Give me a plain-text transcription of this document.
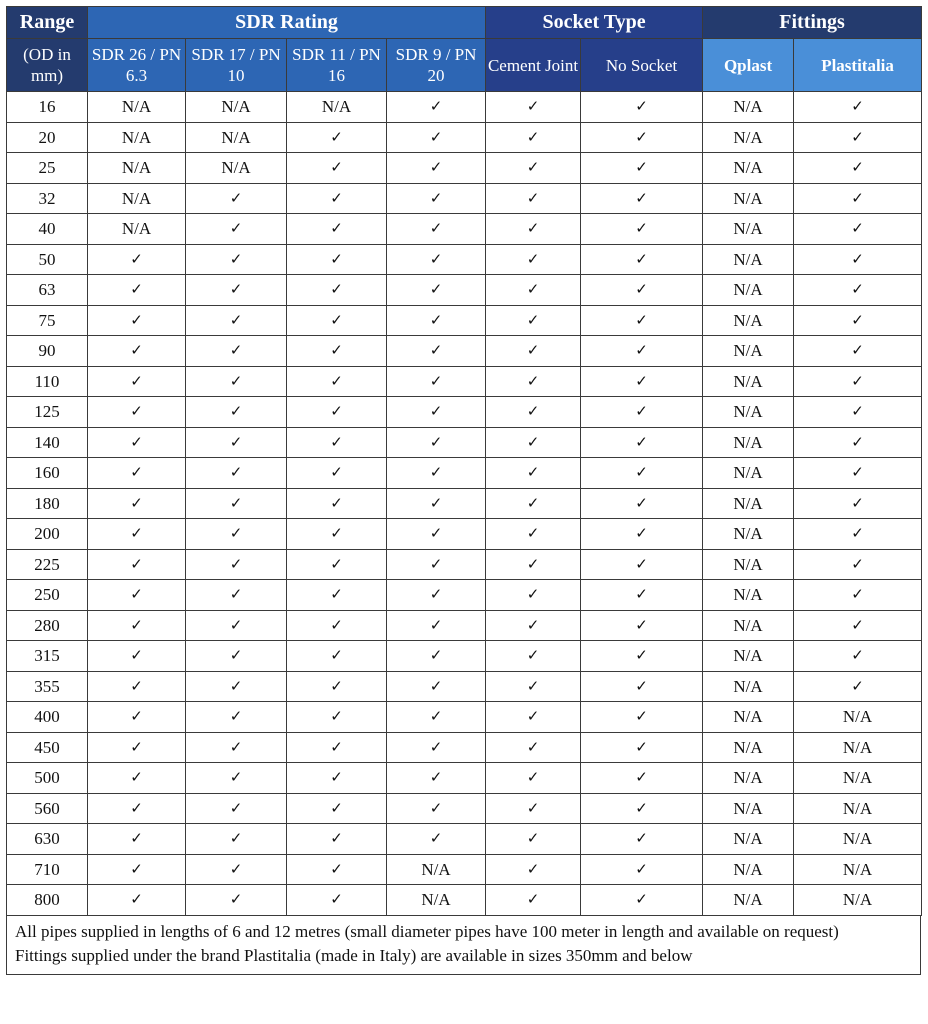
Range	SDR Rating				Socket Type		Fittings	
(OD in mm)	SDR 26 / PN 6.3	SDR 17 / PN 10	SDR 11 / PN 16	SDR 9 / PN 20	Cement Joint	No Socket	Qplast	Plastitalia
16	N/A	N/A	N/A	✓	✓	✓	N/A	✓
20	N/A	N/A	✓	✓	✓	✓	N/A	✓
25	N/A	N/A	✓	✓	✓	✓	N/A	✓
32	N/A	✓	✓	✓	✓	✓	N/A	✓
40	N/A	✓	✓	✓	✓	✓	N/A	✓
50	✓	✓	✓	✓	✓	✓	N/A	✓
63	✓	✓	✓	✓	✓	✓	N/A	✓
75	✓	✓	✓	✓	✓	✓	N/A	✓
90	✓	✓	✓	✓	✓	✓	N/A	✓
110	✓	✓	✓	✓	✓	✓	N/A	✓
125	✓	✓	✓	✓	✓	✓	N/A	✓
140	✓	✓	✓	✓	✓	✓	N/A	✓
160	✓	✓	✓	✓	✓	✓	N/A	✓
180	✓	✓	✓	✓	✓	✓	N/A	✓
200	✓	✓	✓	✓	✓	✓	N/A	✓
225	✓	✓	✓	✓	✓	✓	N/A	✓
250	✓	✓	✓	✓	✓	✓	N/A	✓
280	✓	✓	✓	✓	✓	✓	N/A	✓
315	✓	✓	✓	✓	✓	✓	N/A	✓
355	✓	✓	✓	✓	✓	✓	N/A	✓
400	✓	✓	✓	✓	✓	✓	N/A	N/A
450	✓	✓	✓	✓	✓	✓	N/A	N/A
500	✓	✓	✓	✓	✓	✓	N/A	N/A
560	✓	✓	✓	✓	✓	✓	N/A	N/A
630	✓	✓	✓	✓	✓	✓	N/A	N/A
710	✓	✓	✓	N/A	✓	✓	N/A	N/A
800	✓	✓	✓	N/A	✓	✓	N/A	N/A

All pipes supplied in lengths of 6 and 12 metres (small diameter pipes have 100 meter in length and available on request)

Fittings supplied under the brand Plastitalia (made in Italy) are available in sizes 350mm and below
